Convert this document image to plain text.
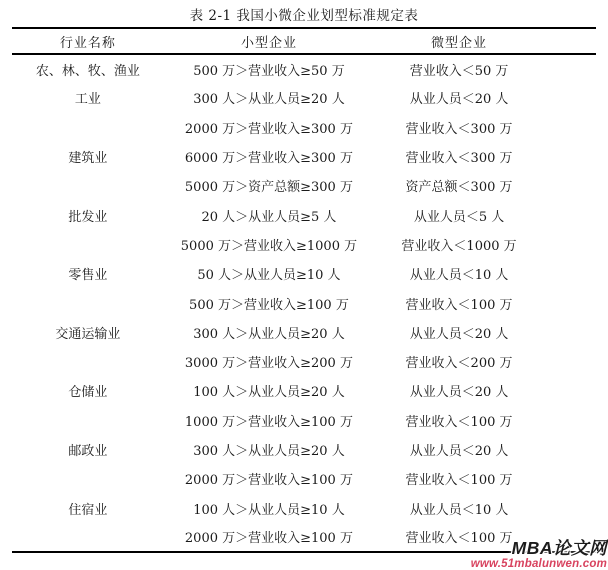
表 2-1 我国小微企业划型标准规定表
行业名称	小型企业	微型企业
农、林、牧、渔业	500 万＞营业收入≥50 万	营业收入＜50 万
工业	300 人＞从业人员≥20 人	从业人员＜20 人
	2000 万＞营业收入≥300 万	营业收入＜300 万
建筑业	6000 万＞营业收入≥300 万	营业收入＜300 万
	5000 万＞资产总额≥300 万	资产总额＜300 万
批发业	20 人＞从业人员≥5 人	从业人员＜5 人
	5000 万＞营业收入≥1000 万	营业收入＜1000 万
零售业	50 人＞从业人员≥10 人	从业人员＜10 人
	500 万＞营业收入≥100 万	营业收入＜100 万
交通运输业	300 人＞从业人员≥20 人	从业人员＜20 人
	3000 万＞营业收入≥200 万	营业收入＜200 万
仓储业	100 人＞从业人员≥20 人	从业人员＜20 人
	1000 万＞营业收入≥100 万	营业收入＜100 万
邮政业	300 人＞从业人员≥20 人	从业人员＜20 人
	2000 万＞营业收入≥100 万	营业收入＜100 万
住宿业	100 人＞从业人员≥10 人	从业人员＜10 人
	2000 万＞营业收入≥100 万	营业收入＜100 万 MBA论文网
www.51mbalunwen.com
